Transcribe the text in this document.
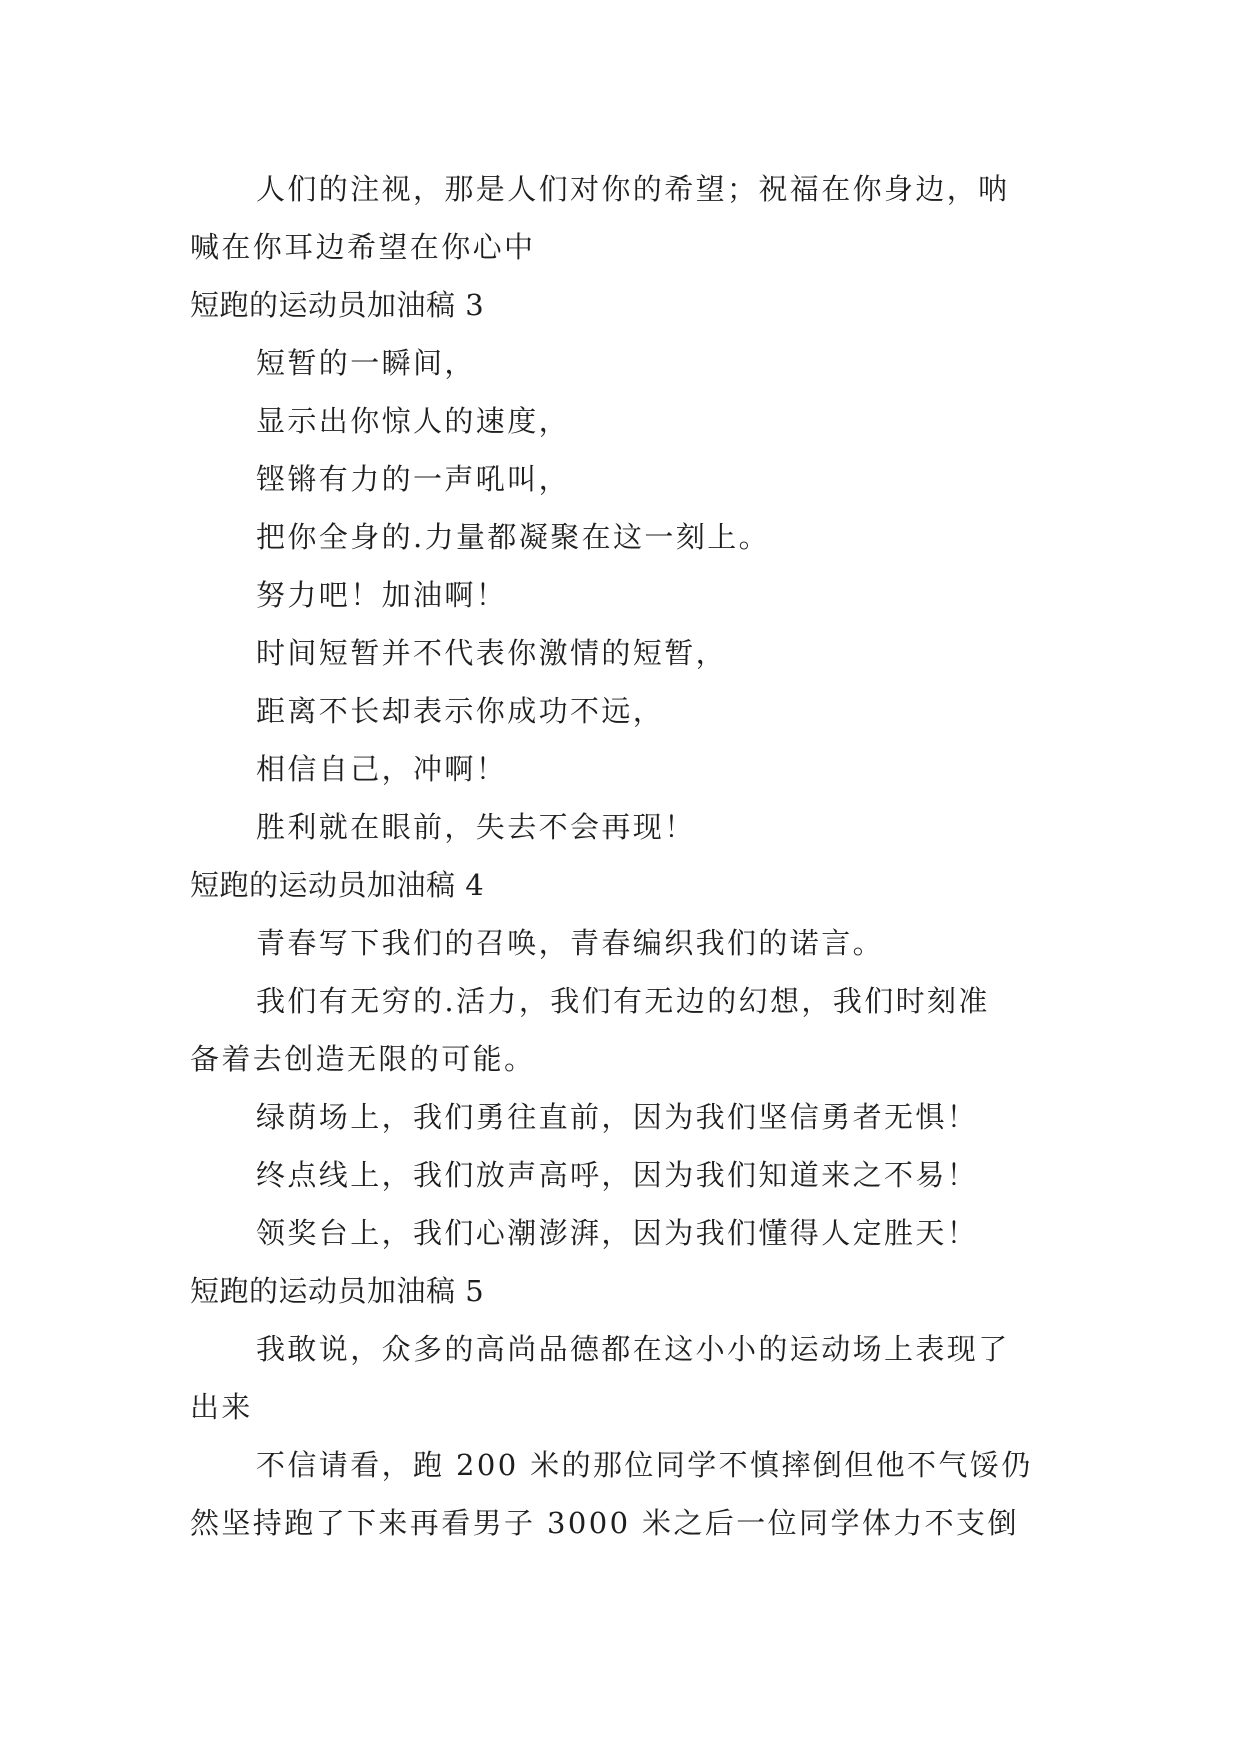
人们的注视，那是人们对你的希望；祝福在你身边，呐

喊在你耳边希望在你心中

短跑的运动员加油稿 3

短暂的一瞬间，

显示出你惊人的速度，

铿锵有力的一声吼叫，

把你全身的.力量都凝聚在这一刻上。

努力吧！加油啊！

时间短暂并不代表你激情的短暂，

距离不长却表示你成功不远，

相信自己，冲啊！

胜利就在眼前，失去不会再现！

短跑的运动员加油稿 4

青春写下我们的召唤，青春编织我们的诺言。

我们有无穷的.活力，我们有无边的幻想，我们时刻准

备着去创造无限的可能。

绿荫场上，我们勇往直前，因为我们坚信勇者无惧！

终点线上，我们放声高呼，因为我们知道来之不易！

领奖台上，我们心潮澎湃，因为我们懂得人定胜天！

短跑的运动员加油稿 5

我敢说，众多的高尚品德都在这小小的运动场上表现了

出来

不信请看，跑 200 米的那位同学不慎摔倒但他不气馁仍

然坚持跑了下来再看男子 3000 米之后一位同学体力不支倒
